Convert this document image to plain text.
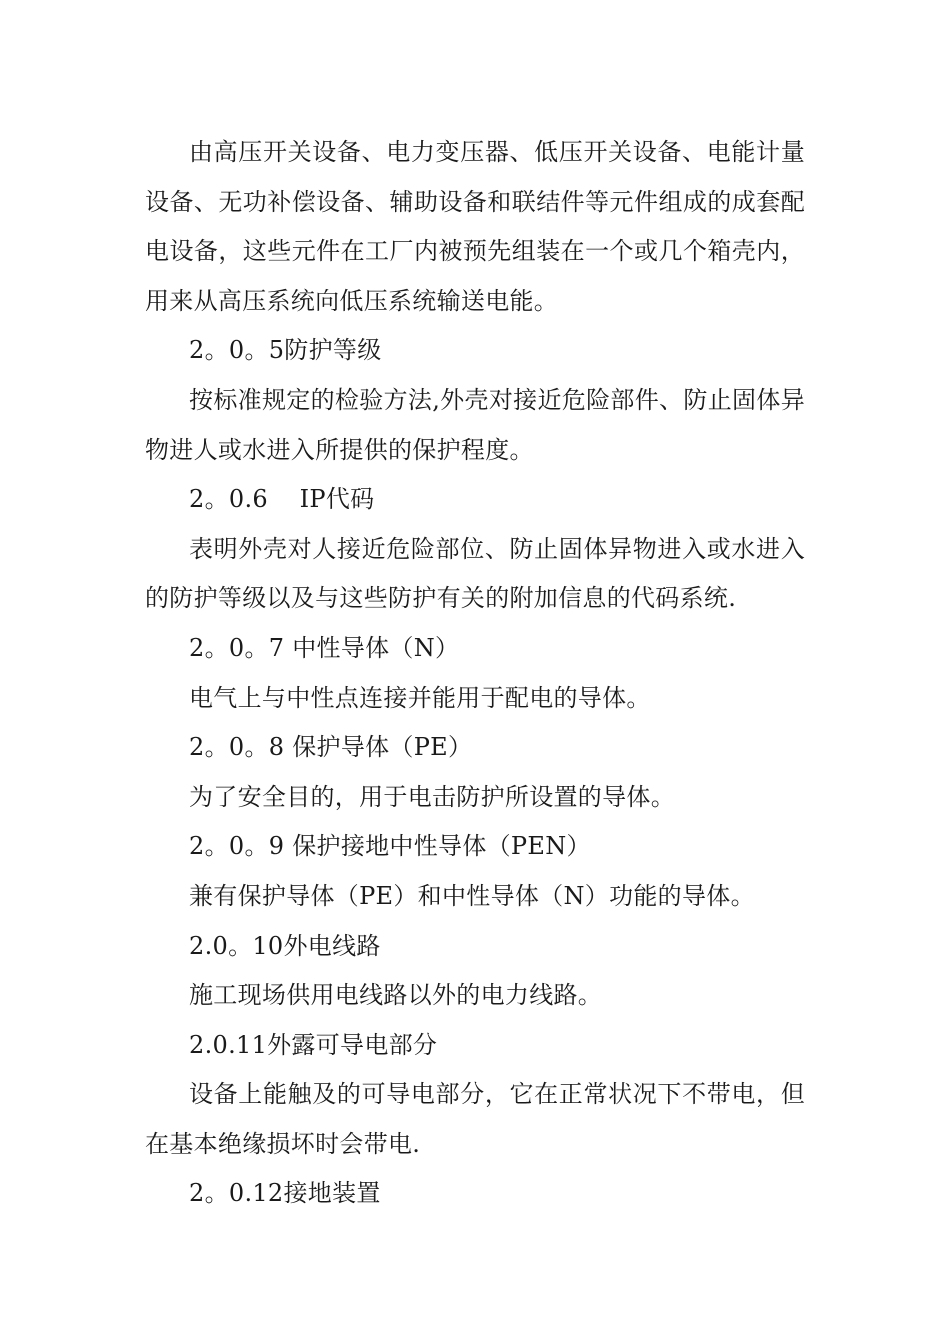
由高压开关设备、电力变压器、低压开关设备、电能计量设备、无功补偿设备、辅助设备和联结件等元件组成的成套配电设备，这些元件在工厂内被预先组装在一个或几个箱壳内，用来从高压系统向低压系统输送电能。

2。0。5防护等级

按标准规定的检验方法,外壳对接近危险部件、防止固体异物进人或水进入所提供的保护程度。

2。0.6    IP代码

表明外壳对人接近危险部位、防止固体异物进入或水进入的防护等级以及与这些防护有关的附加信息的代码系统.

2。0。7 中性导体（N）

电气上与中性点连接并能用于配电的导体。

2。0。8 保护导体（PE）

为了安全目的，用于电击防护所设置的导体。

2。0。9 保护接地中性导体（PEN）

兼有保护导体（PE）和中性导体（N）功能的导体。

2.0。10外电线路

施工现场供用电线路以外的电力线路。

2.0.11外露可导电部分

设备上能触及的可导电部分，它在正常状况下不带电，但在基本绝缘损坏时会带电.

2。0.12接地装置
